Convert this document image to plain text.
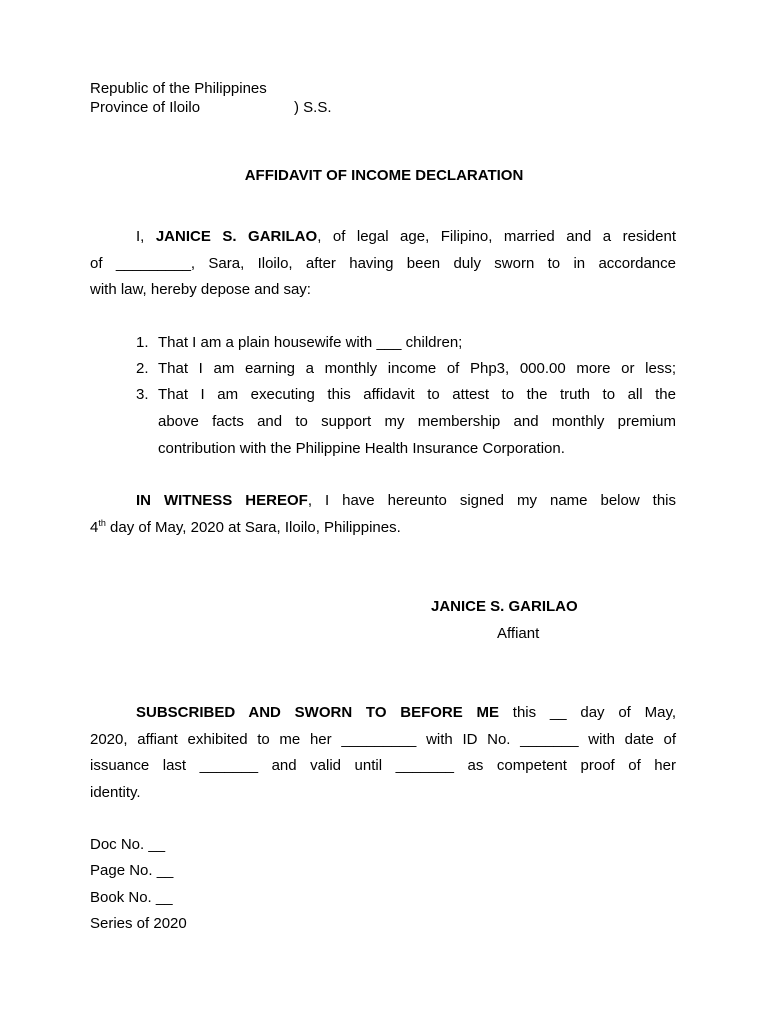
Republic of the Philippines
Province of Iloilo	) S.S.
AFFIDAVIT OF INCOME DECLARATION
I, JANICE S. GARILAO, of legal age, Filipino, married and a resident
of _________, Sara, Iloilo, after having been duly sworn to in accordance
with law, hereby depose and say:
1. That I am a plain housewife with ___ children;
2. That I am earning a monthly income of Php3, 000.00 more or less;
3. That I am executing this affidavit to attest to the truth to all the
above facts and to support my membership and monthly premium
contribution with the Philippine Health Insurance Corporation.
IN WITNESS HEREOF, I have hereunto signed my name below this
4th day of May, 2020 at Sara, Iloilo, Philippines.
JANICE S. GARILAO
Affiant
SUBSCRIBED AND SWORN TO BEFORE ME this __ day of May,
2020, affiant exhibited to me her _________ with ID No. _______ with date of
issuance last _______ and valid until _______ as competent proof of her
identity.
Doc No. __
Page No. __
Book No. __
Series of 2020
